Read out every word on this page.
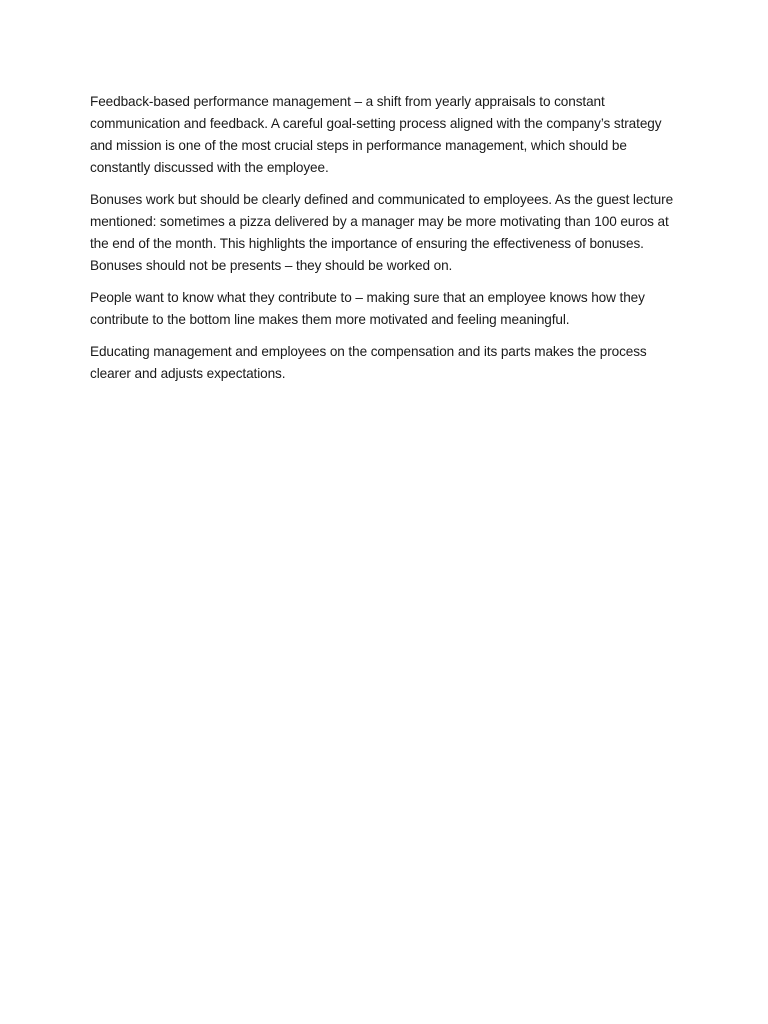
Feedback-based performance management – a shift from yearly appraisals to constant communication and feedback. A careful goal-setting process aligned with the company’s strategy and mission is one of the most crucial steps in performance management, which should be constantly discussed with the employee.

Bonuses work but should be clearly defined and communicated to employees. As the guest lecture mentioned: sometimes a pizza delivered by a manager may be more motivating than 100 euros at the end of the month. This highlights the importance of ensuring the effectiveness of bonuses. Bonuses should not be presents – they should be worked on.

People want to know what they contribute to – making sure that an employee knows how they contribute to the bottom line makes them more motivated and feeling meaningful.

Educating management and employees on the compensation and its parts makes the process clearer and adjusts expectations.
